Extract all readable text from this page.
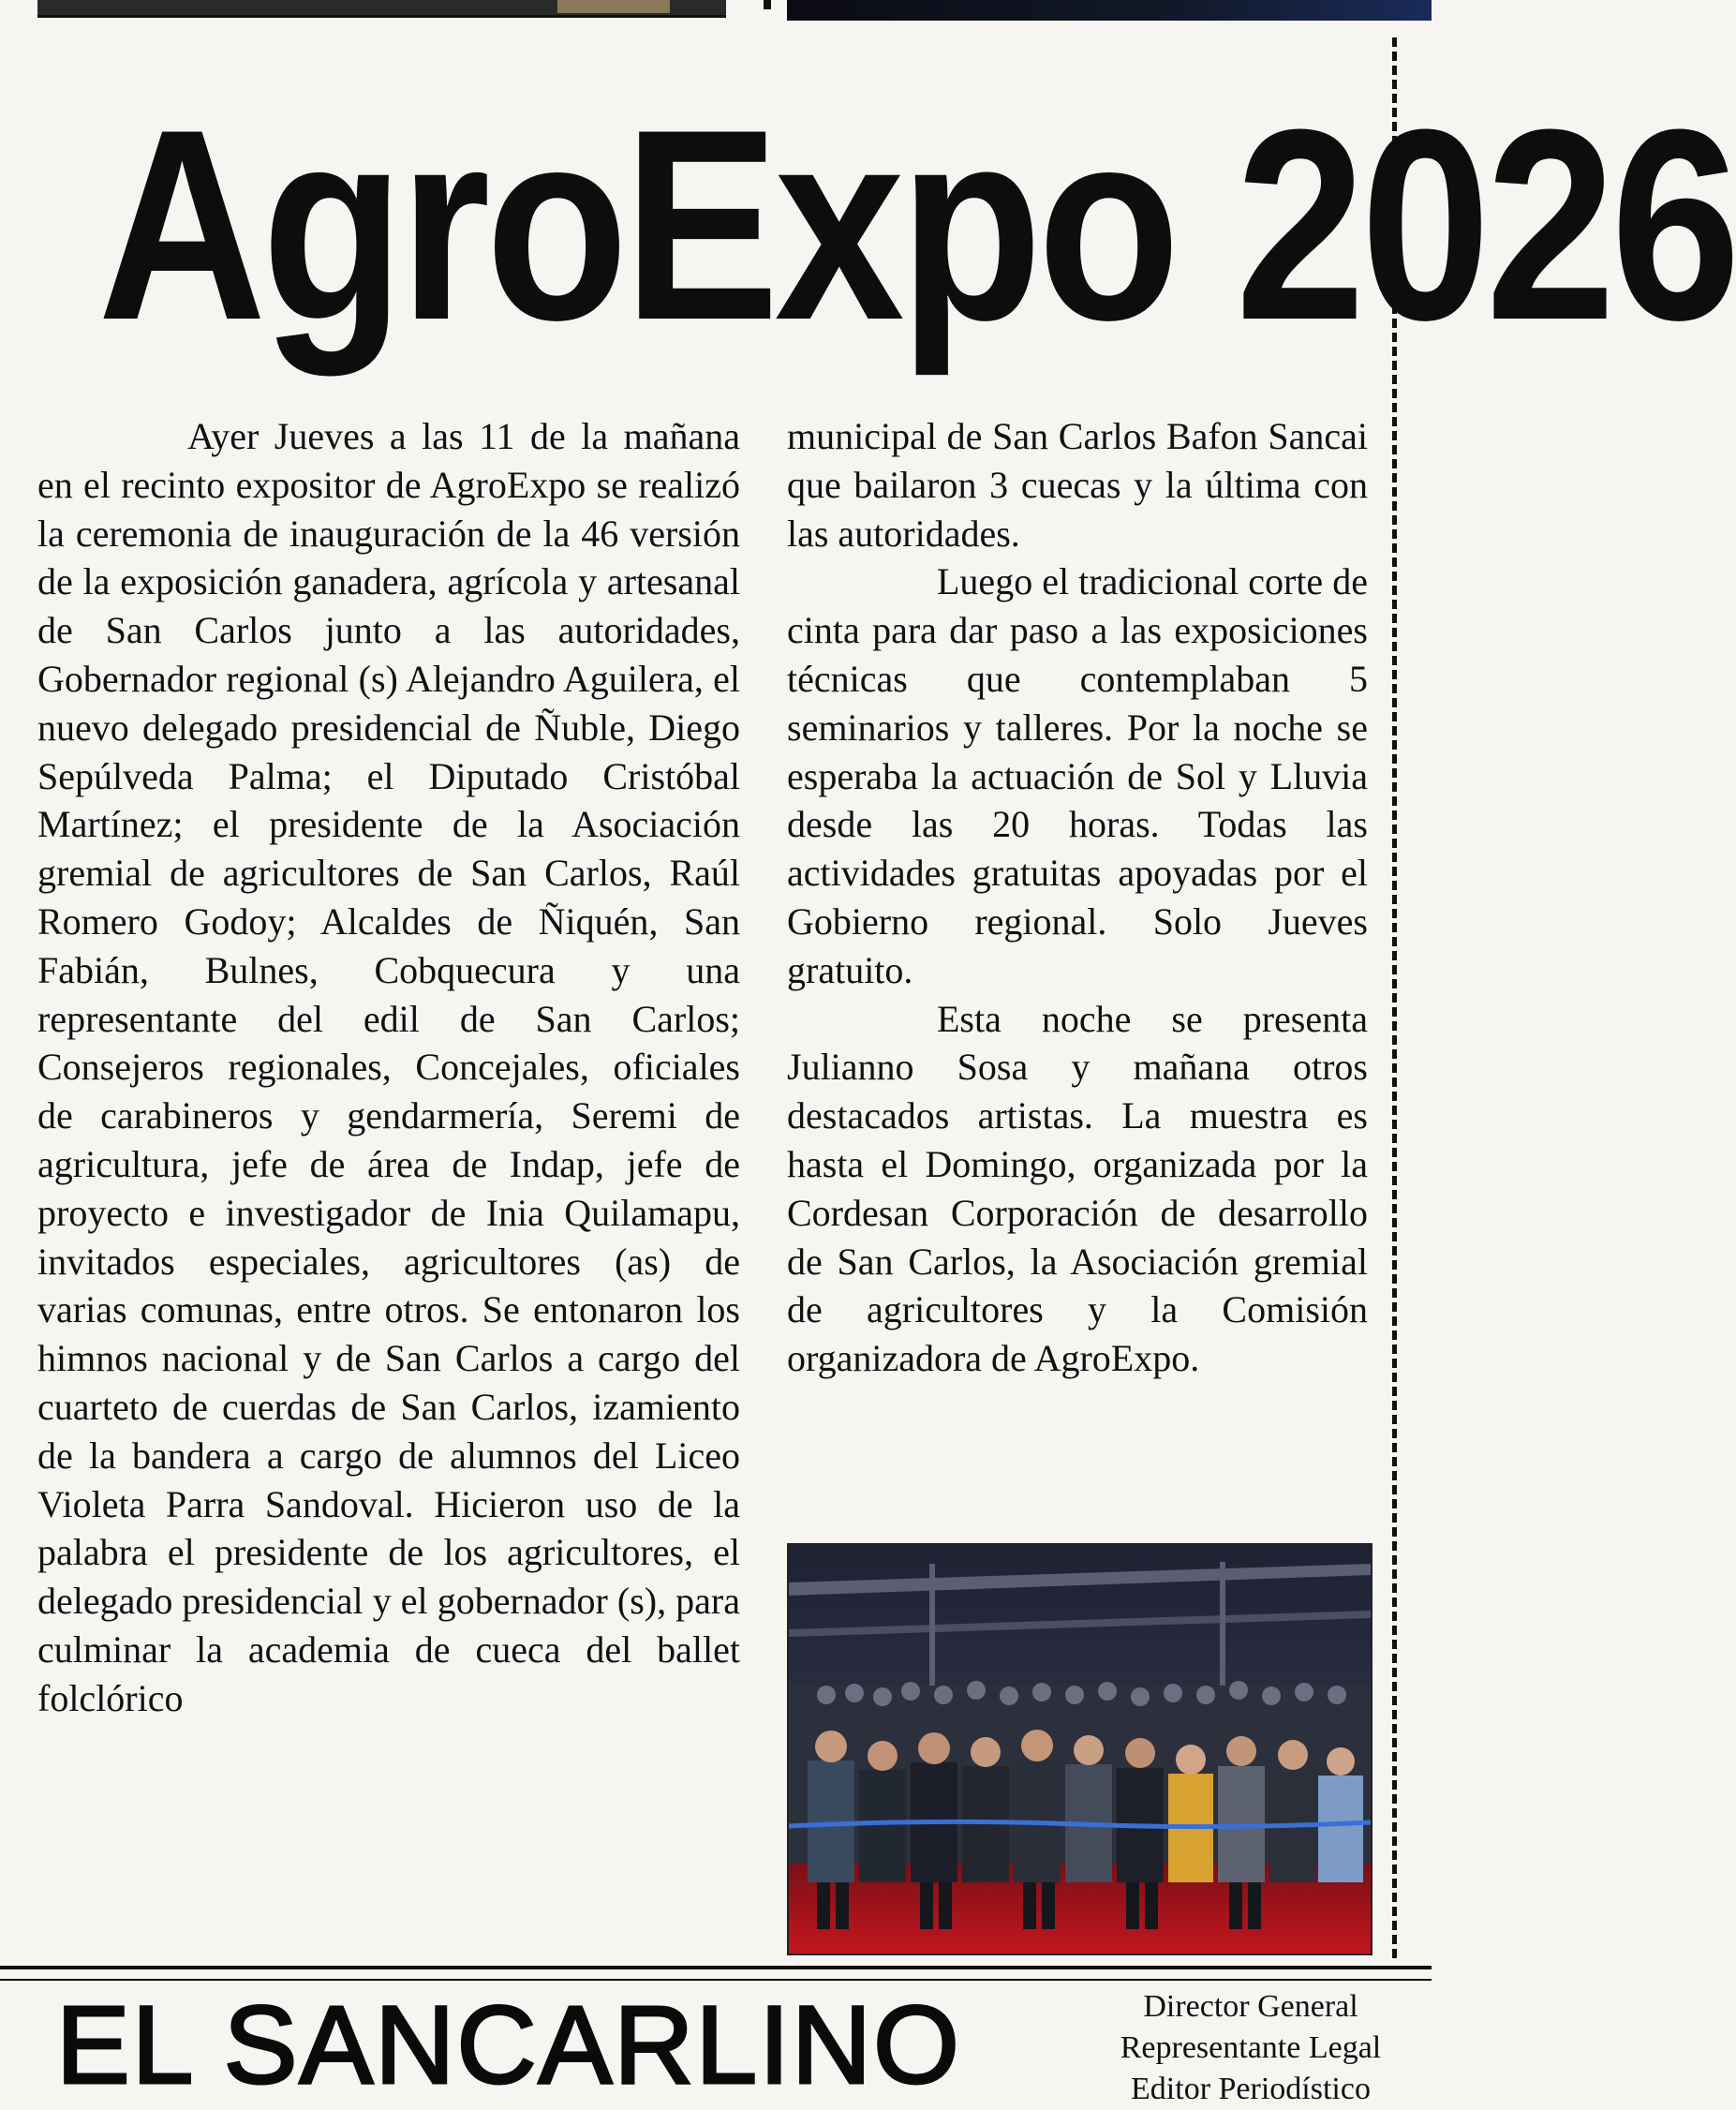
AgroExpo 2026

Ayer Jueves a las 11 de la mañana en el recinto expositor de AgroExpo se realizó la ceremonia de inauguración de la 46 versión de la exposición ganadera, agrícola y artesanal de San Carlos junto a las autoridades, Gobernador regional (s) Alejandro Aguilera, el nuevo delegado presidencial de Ñuble, Diego Sepúlveda Palma; el Diputado Cristóbal Martínez; el presidente de la Asociación gremial de agricultores de San Carlos, Raúl Romero Godoy; Alcaldes de Ñiquén, San Fabián, Bulnes, Cobquecura y una representante del edil de San Carlos; Consejeros regionales, Concejales, oficiales de carabineros y gendarmería, Seremi de agricultura, jefe de área de Indap, jefe de proyecto e investigador de Inia Quilamapu, invitados especiales, agricultores (as) de varias comunas, entre otros. Se entonaron los himnos nacional y de San Carlos a cargo del cuarteto de cuerdas de San Carlos, izamiento de la bandera a cargo de alumnos del Liceo Violeta Parra Sandoval. Hicieron uso de la palabra el presidente de los agricultores, el delegado presidencial y el gobernador (s), para culminar la academia de cueca del ballet folclórico

municipal de San Carlos Bafon Sancai que bailaron 3 cuecas y la última con las autoridades.

Luego el tradicional corte de cinta para dar paso a las exposiciones técnicas que contemplaban 5 seminarios y talleres. Por la noche se esperaba la actuación de Sol y Lluvia desde las 20 horas. Todas las actividades gratuitas apoyadas por el Gobierno regional. Solo Jueves gratuito.

Esta noche se presenta Julianno Sosa y mañana otros destacados artistas. La muestra es hasta el Domingo, organizada por la Cordesan Corporación de desarrollo de San Carlos, la Asociación gremial de agricultores y la Comisión organizadora de AgroExpo.

EL SANCARLINO	Director General
Representante Legal
Editor Periodístico
